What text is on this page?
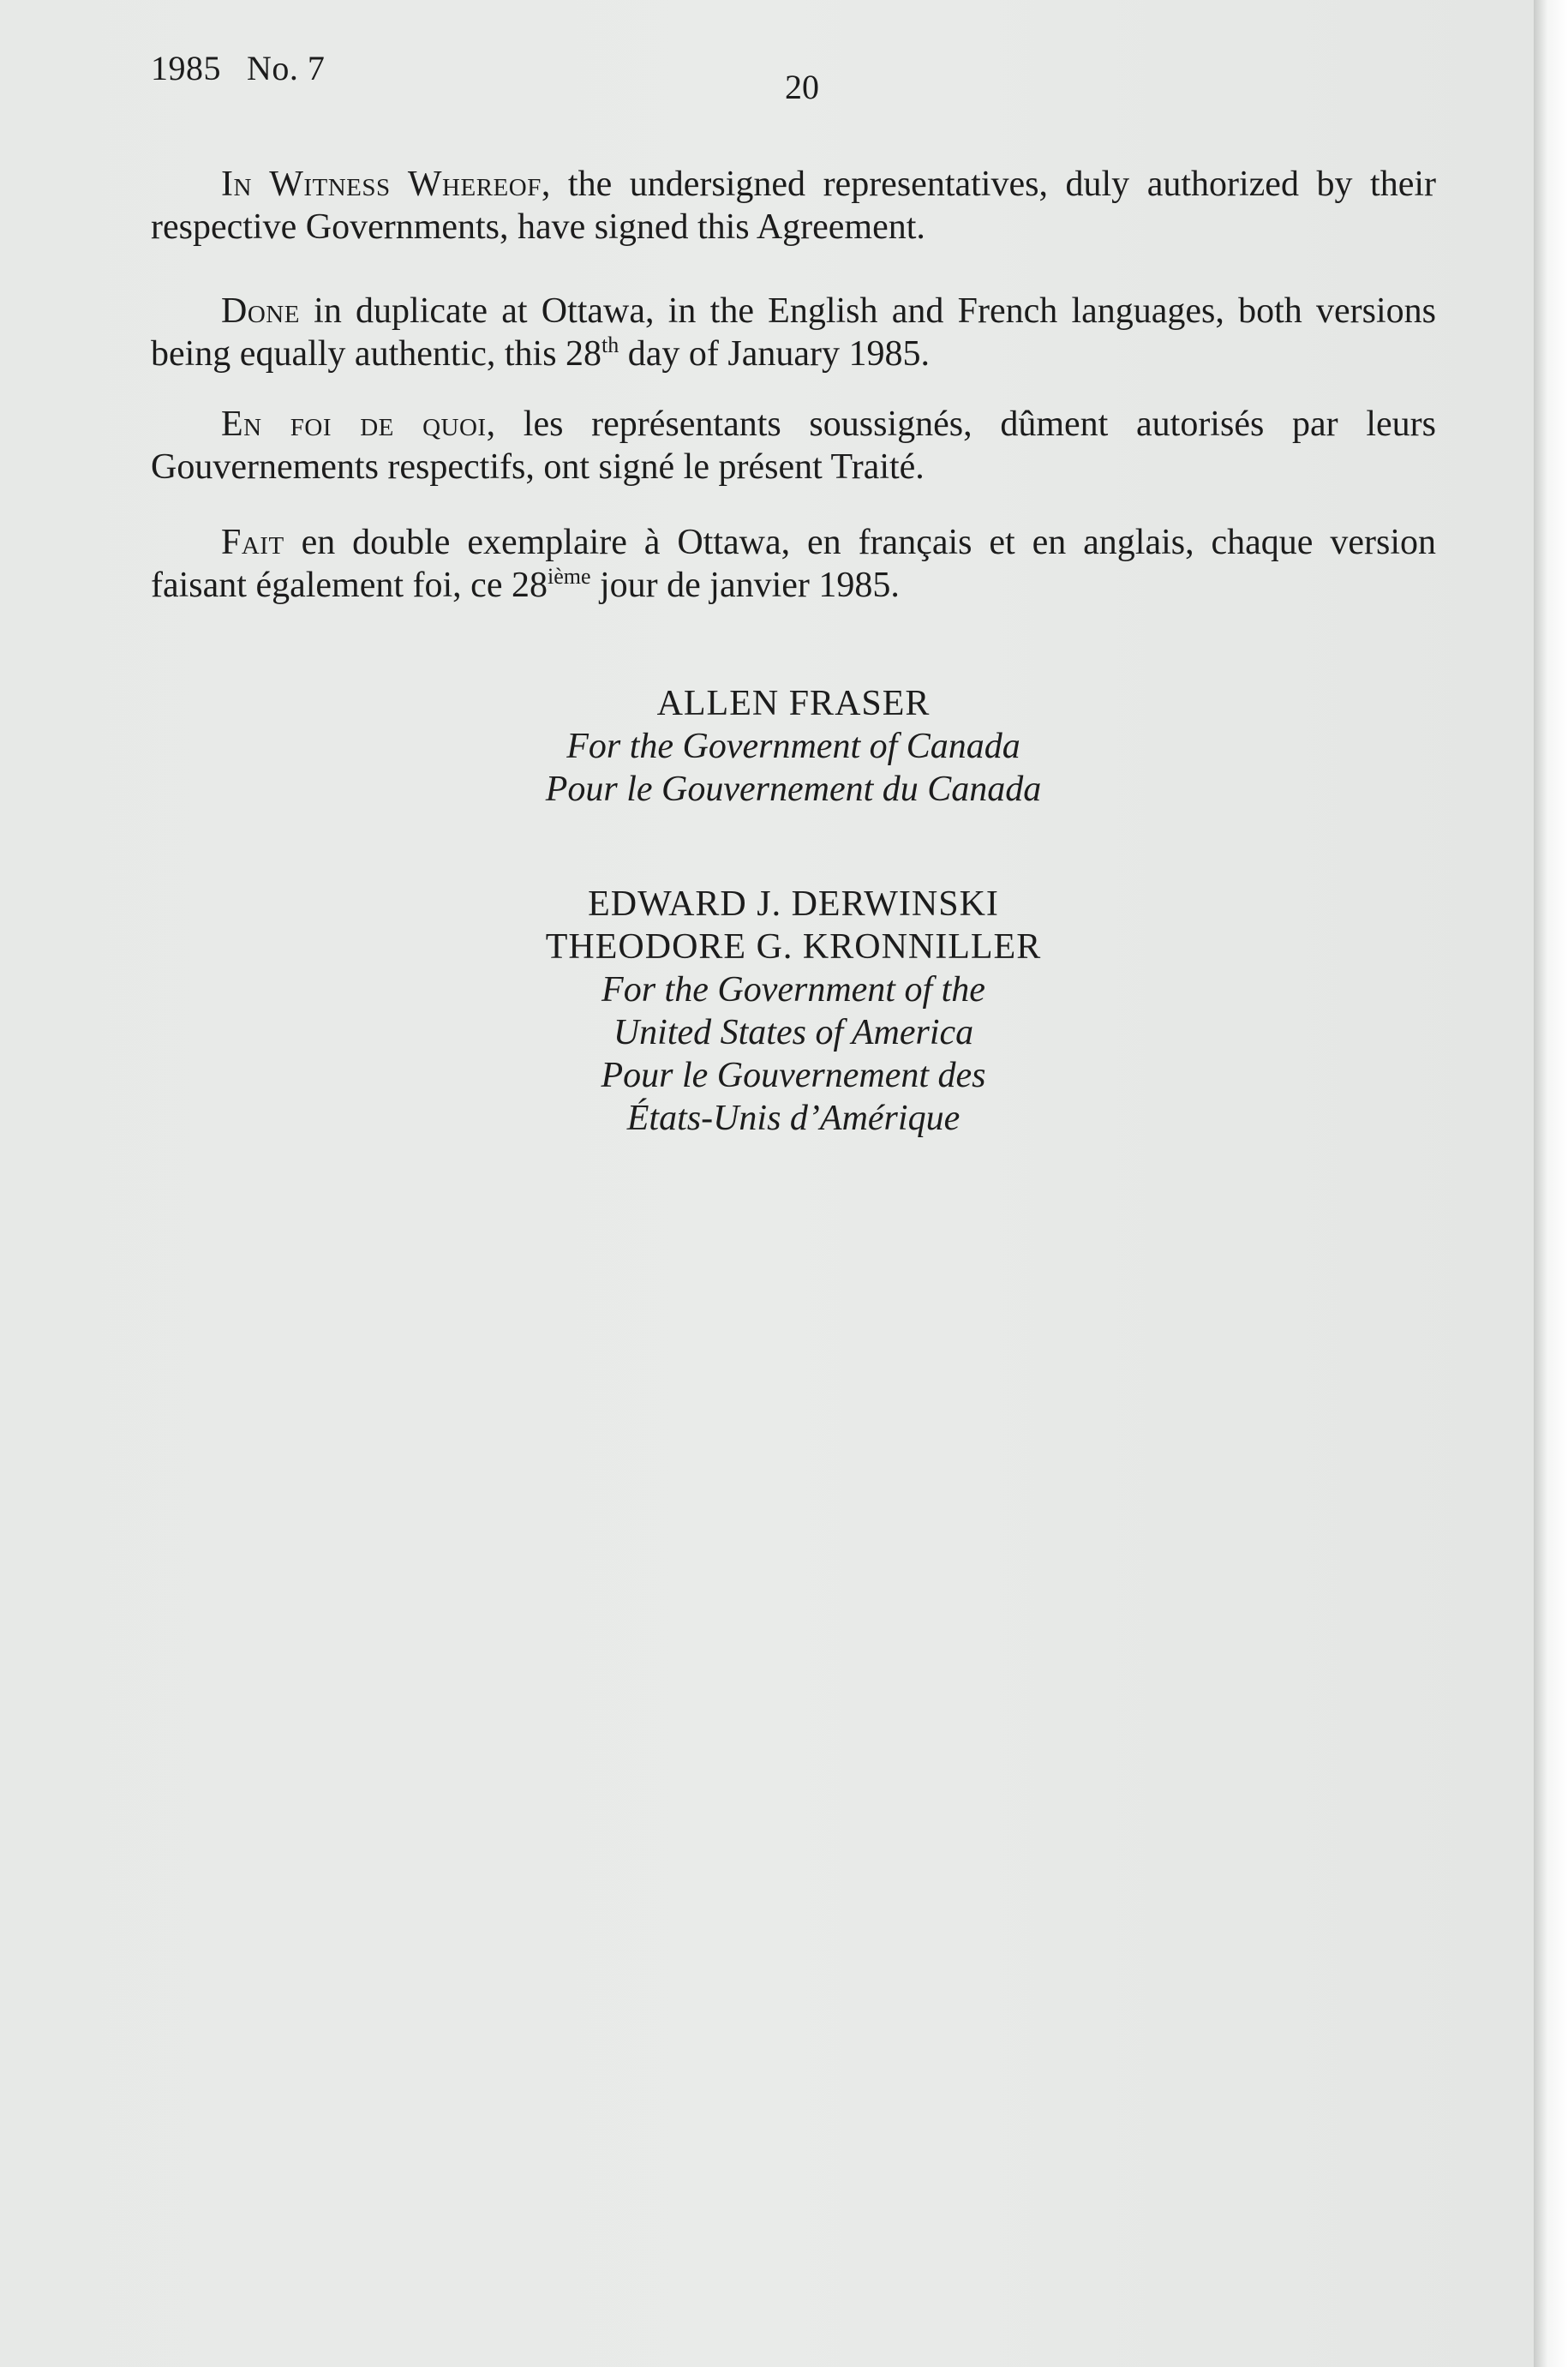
1985 No. 7	20
In Witness Whereof, the undersigned representatives, duly authorized by their respective Governments, have signed this Agreement.
Done in duplicate at Ottawa, in the English and French languages, both versions being equally authentic, this 28th day of January 1985.
En foi de quoi, les représentants soussignés, dûment autorisés par leurs Gouvernements respectifs, ont signé le présent Traité.
Fait en double exemplaire à Ottawa, en français et en anglais, chaque version faisant également foi, ce 28ième jour de janvier 1985.
ALLEN FRASER
For the Government of Canada
Pour le Gouvernement du Canada
EDWARD J. DERWINSKI
THEODORE G. KRONNILLER
For the Government of the
United States of America
Pour le Gouvernement des
États-Unis d’Amérique
